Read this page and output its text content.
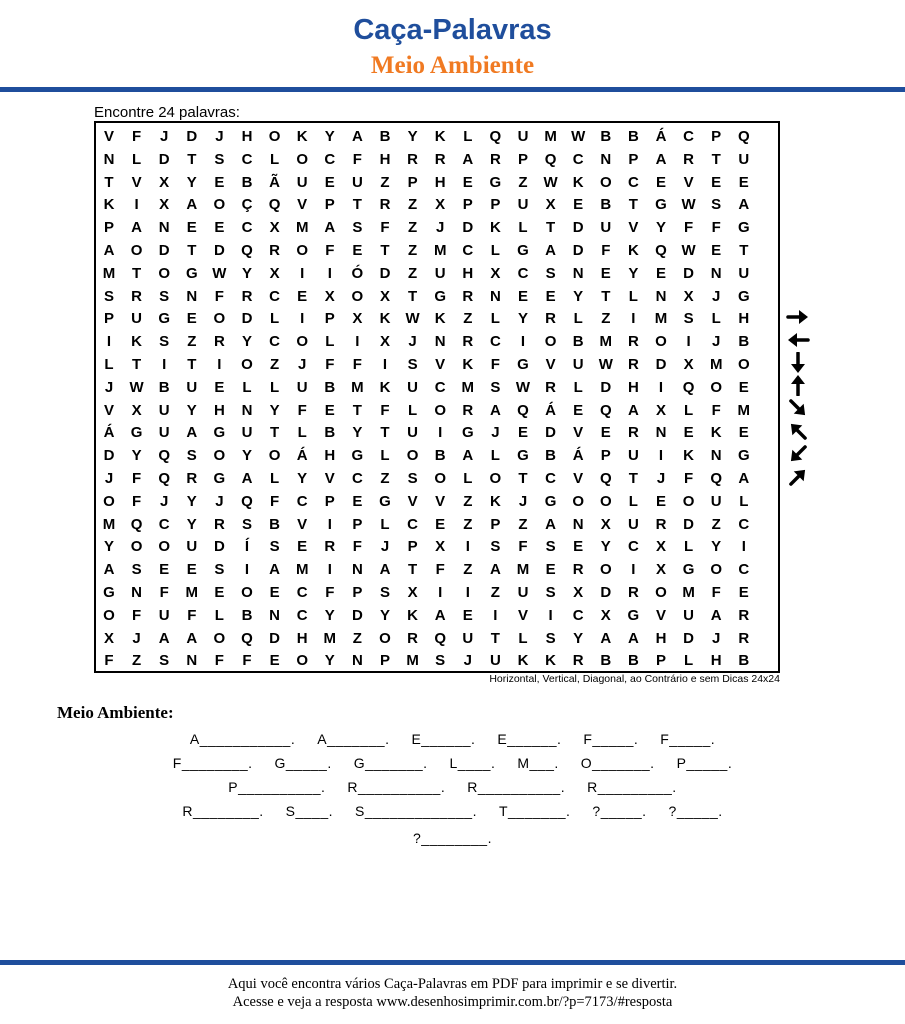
Caça-Palavras
Meio Ambiente
Encontre 24 palavras:
V	F	J	D	J	H	O	K	Y	A	B	Y	K	L	Q	U	M W	B	B	Á	C	P	Q
N	L	D	T	S	C	L	O	C	F	H	R	R	A	R	P	Q	C	N	P	A	R	T	U
T	V	X	Y	E	B	Ã	U	E	U	Z	P	H	E	G	Z	W	K	O	C	E	V	E	E
K	I	X	A	O	Ç	Q	V	P	T	R	Z	X	P	P	U	X	E	B	T	G W	S	A
P	A	N	E	E	C	X	M	A	S	F	Z	J	D	K	L	T	D	U	V	Y	F	F	G
A	O	D	T	D	Q	R	O	F	E	T	Z	M	C	L	G	A	D	F	K	Q W	E	T
M	T	O	G W	Y	X	I	I	Ó	D	Z	U	H	X	C	S	N	E	Y	E	D	N	U
S	R	S	N	F	R	C	E	X	O	X	T	G	R	N	E	E	Y	T	L	N	X	J	G
P	U	G	E	O	D	L	I	P	X	K	W	K	Z	L	Y	R	L	Z	I	M	S	L	H
I	K	S	Z	R	Y	C	O	L	I	X	J	N	R	C	I	O	B	M	R	O	I	J	B
L	T	I	T	I	O	Z	J	F	F	I	S	V	K	F	G	V	U	W	R	D	X	M	O
J	W	B	U	E	L	L	U	B	M	K	U	C	M	S	W	R	L	D	H	I	Q	O	E
V	X	U	Y	H	N	Y	F	E	T	F	L	O	R	A	Q	Á	E	Q	A	X	L	F	M
Á	G	U	A	G	U	T	L	B	Y	T	U	I	G	J	E	D	V	E	R	N	E	K	E
D	Y	Q	S	O	Y	O	Á	H	G	L	O	B	A	L	G	B	Á	P	U	I	K	N	G
J	F	Q	R	G	A	L	Y	V	C	Z	S	O	L	O	T	C	V	Q	T	J	F	Q	A
O	F	J	Y	J	Q	F	C	P	E	G	V	V	Z	K	J	G	O	O	L	E	O	U	L
M	Q	C	Y	R	S	B	V	I	P	L	C	E	Z	P	Z	A	N	X	U	R	D	Z	C
Y	O	O	U	D	Í	S	E	R	F	J	P	X	I	S	F	S	E	Y	C	X	L	Y	I
A	S	E	E	S	I	A	M	I	N	A	T	F	Z	A	M	E	R	O	I	X	G	O	C
G	N	F	M	E	O	E	C	F	P	S	X	I	I	Z	U	S	X	D	R	O	M	F	E
O	F	U	F	L	B	N	C	Y	D	Y	K	A	E	I	V	I	C	X	G	V	U	A	R
X	J	A	A	O	Q	D	H	M	Z	O	R	Q	U	T	L	S	Y	A	A	H	D	J	R
F	Z	S	N	F	F	E	O	Y	N	P	M	S	J	U	K	K	R	B	B	P	L	H	B
Horizontal, Vertical, Diagonal, ao Contrário e sem Dicas 24x24
Meio Ambiente:
A___________. A_______. E______. E______. F_____. F_____.
F________. G_____. G_______. L____. M___. O_______. P_____.
P__________. R__________. R__________. R_________.
R________. S____. S_____________. T_______. ?_____. ?_____.
?________.
Aqui você encontra vários Caça-Palavras em PDF para imprimir e se divertir.
Acesse e veja a resposta www.desenhosimprimir.com.br/?p=7173/#resposta
